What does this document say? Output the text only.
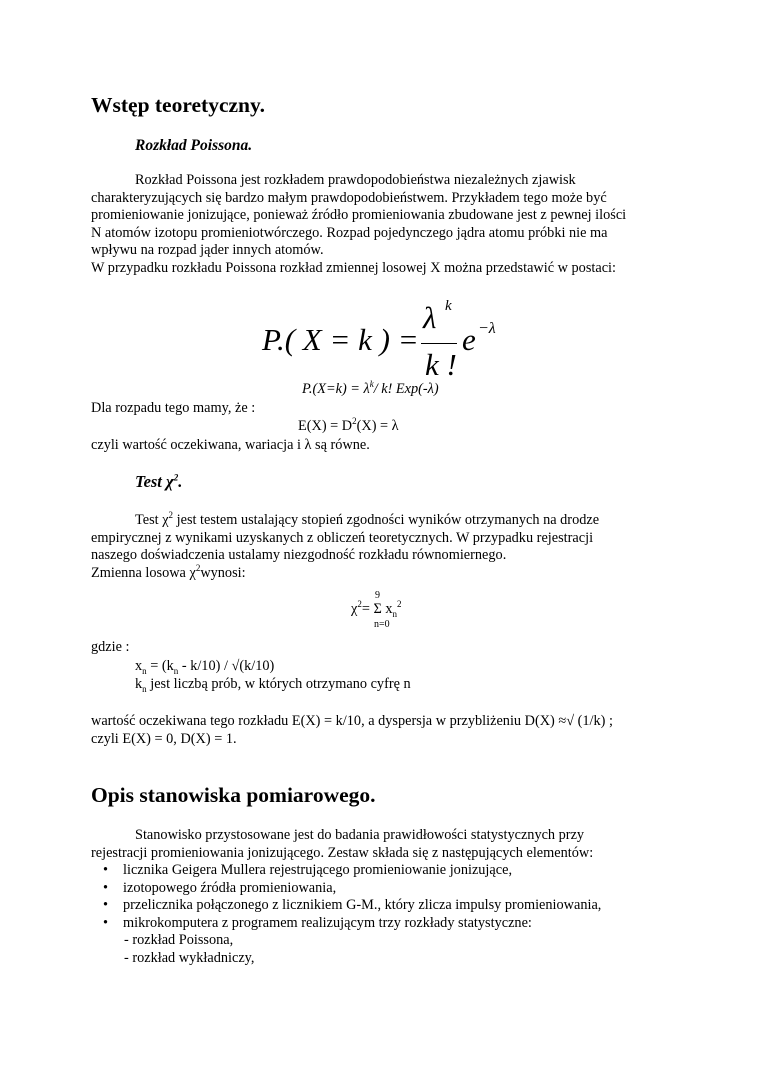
Wstęp teoretyczny.
Rozkład Poissona.
Rozkład Poissona jest rozkładem prawdopodobieństwa niezależnych zjawisk
charakteryzujących się bardzo małym prawdopodobieństwem. Przykładem tego może być
promieniowanie jonizujące, ponieważ źródło promieniowania zbudowane jest z pewnej ilości
N atomów izotopu promieniotwórczego. Rozpad pojedynczego jądra atomu próbki nie ma
wpływu na rozpad jąder innych atomów.
W przypadku rozkładu Poissona rozkład zmiennej losowej X można przedstawić w postaci:
P.( X = k ) =
λ k
k !
e −λ
$P.(X=k) = \lambda^k/$ k! Exp(-λ)
Dla rozpadu tego mamy, że :
$E(X) = D^2(X) = \lambda$
czyli wartość oczekiwana, wariacja i λ są równe.
Test $\chi^2$.
Test $\chi^2$ jest testem ustalający stopień zgodności wyników otrzymanych na drodze
empirycznej z wynikami uzyskanych z obliczeń teoretycznych. W przypadku rejestracji
naszego doświadczenia ustalamy niezgodność rozkładu równomiernego.
Zmienna losowa $\chi^2wynosi$:
9
$\chi^2= \Sigma$ $x_n^2$
n=0
gdzie :
$x_n = (k_n - k/10) / √(k/10)$
$k_n$ jest liczbą prób, w których otrzymano cyfrę n
wartość oczekiwana tego rozkładu E(X) = k/10, a dyspersja w przybliżeniu D(X) ≈√ (1/k) ;
czyli E(X) = 0, D(X) = 1.
Opis stanowiska pomiarowego.
Stanowisko przystosowane jest do badania prawidłowości statystycznych przy
rejestracji promieniowania jonizującego. Zestaw składa się z następujących elementów:
• licznika Geigera Mullera rejestrującego promieniowanie jonizujące,
• izotopowego źródła promieniowania,
• przelicznika połączonego z licznikiem G-M., który zlicza impulsy promieniowania,
• mikrokomputera z programem realizującym trzy rozkłady statystyczne:
- rozkład Poissona,
- rozkład wykładniczy,
